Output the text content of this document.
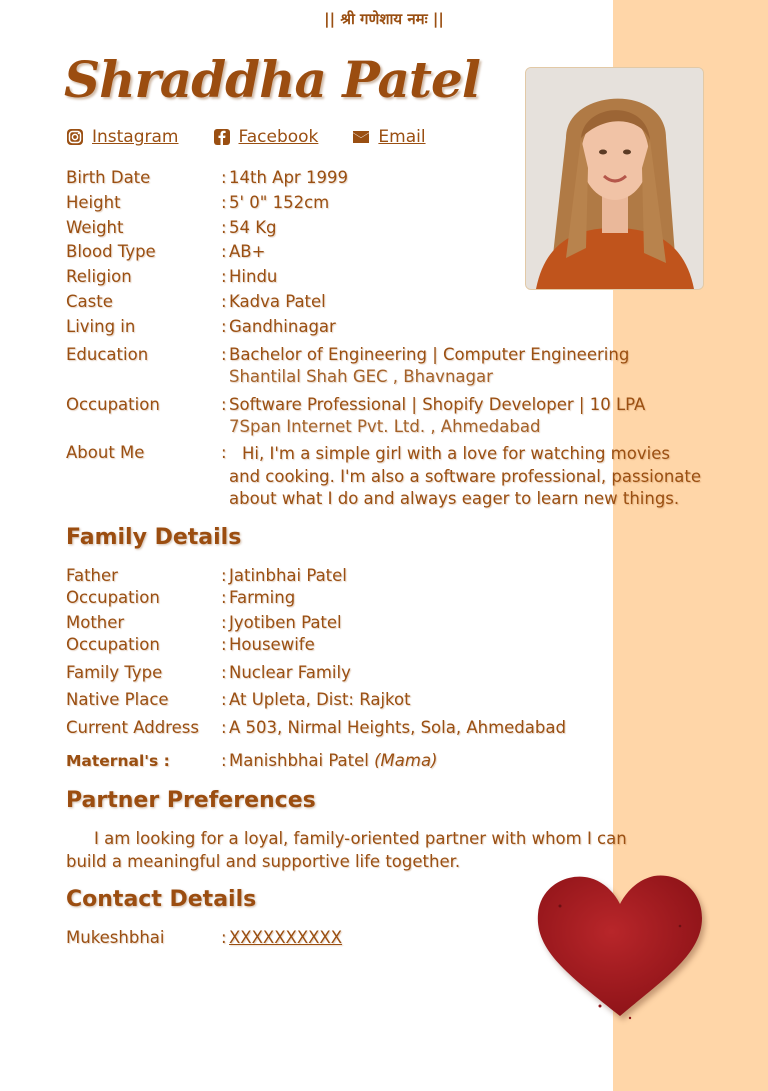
|| श्री गणेशाय नमः ||
Shraddha Patel
Instagram	Facebook	Email
Birth Date	: 14th Apr 1999
Height	: 5' 0" 152cm
Weight	: 54 Kg
Blood Type	: AB+
Religion	: Hindu
Caste	: Kadva Patel
Living in	: Gandhinagar
Education	: Bachelor of Engineering | Computer Engineering
Shantilal Shah GEC , Bhavnagar
Occupation	: Software Professional | Shopify Developer | 10 LPA
7Span Internet Pvt. Ltd. , Ahmedabad
About Me	: Hi, I'm a simple girl with a love for watching movies and cooking. I'm also a software professional, passionate about what I do and always eager to learn new things.
Family Details
Father	: Jatinbhai Patel
Occupation	: Farming
Mother	: Jyotiben Patel
Occupation	: Housewife
Family Type	: Nuclear Family
Native Place	: At Upleta, Dist: Rajkot
Current Address : A 503, Nirmal Heights, Sola, Ahmedabad
Maternal's :	: Manishbhai Patel (Mama)
Partner Preferences
I am looking for a loyal, family-oriented partner with whom I can build a meaningful and supportive life together.
Contact Details
Mukeshbhai	: XXXXXXXXXX
